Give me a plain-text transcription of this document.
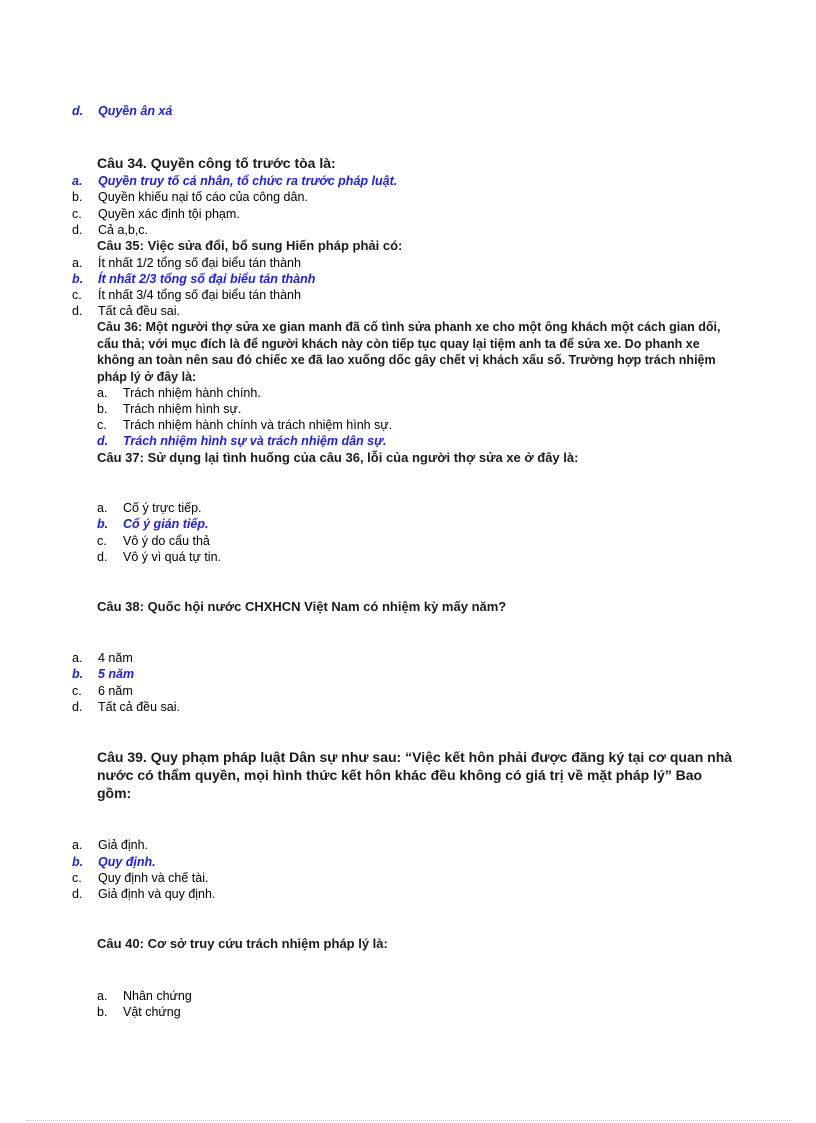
d. Quyền ân xá
Câu 34. Quyền công tố trước tòa là:
a. Quyền truy tố cá nhân, tổ chức ra trước pháp luật.
b. Quyền khiếu nại tố cáo của công dân.
c. Quyền xác định tội phạm.
d. Cả a,b,c.
Câu 35: Việc sửa đổi, bổ sung Hiến pháp phải có:
a. Ít nhất 1/2 tổng số đại biểu tán thành
b. Ít nhất 2/3 tổng số đại biểu tán thành
c. Ít nhất 3/4 tổng số đại biểu tán thành
d. Tất cả đều sai.
Câu 36: Một người thợ sửa xe gian manh đã cố tình sửa phanh xe cho một ông khách một cách gian dối, cẩu thả; với mục đích là để người khách này còn tiếp tục quay lại tiệm anh ta để sửa xe. Do phanh xe không an toàn nên sau đó chiếc xe đã lao xuống dốc gây chết vị khách xấu số. Trường hợp trách nhiệm pháp lý ở đây là:
a. Trách nhiệm hành chính.
b. Trách nhiệm hình sự.
c. Trách nhiệm hành chính và trách nhiệm hình sự.
d. Trách nhiệm hình sự và trách nhiệm dân sự.
Câu 37: Sử dụng lại tình huống của câu 36, lỗi của người thợ sửa xe ở đây là:
a. Cố ý trực tiếp.
b. Cố ý gián tiếp.
c. Vô ý do cẩu thả
d. Vô ý vì quá tự tin.
Câu 38: Quốc hội nước CHXHCN Việt Nam có nhiệm kỳ mấy năm?
a. 4 năm
b. 5 năm
c. 6 năm
d. Tất cả đều sai.
Câu 39. Quy phạm pháp luật Dân sự như sau: “Việc kết hôn phải được đăng ký tại cơ quan nhà nước có thẩm quyền, mọi hình thức kết hôn khác đều không có giá trị về mặt pháp lý” Bao gồm:
a. Giả định.
b. Quy định.
c. Quy định và chế tài.
d. Giả định và quy định.
Câu 40: Cơ sở truy cứu trách nhiệm pháp lý là:
a. Nhân chứng
b. Vật chứng
